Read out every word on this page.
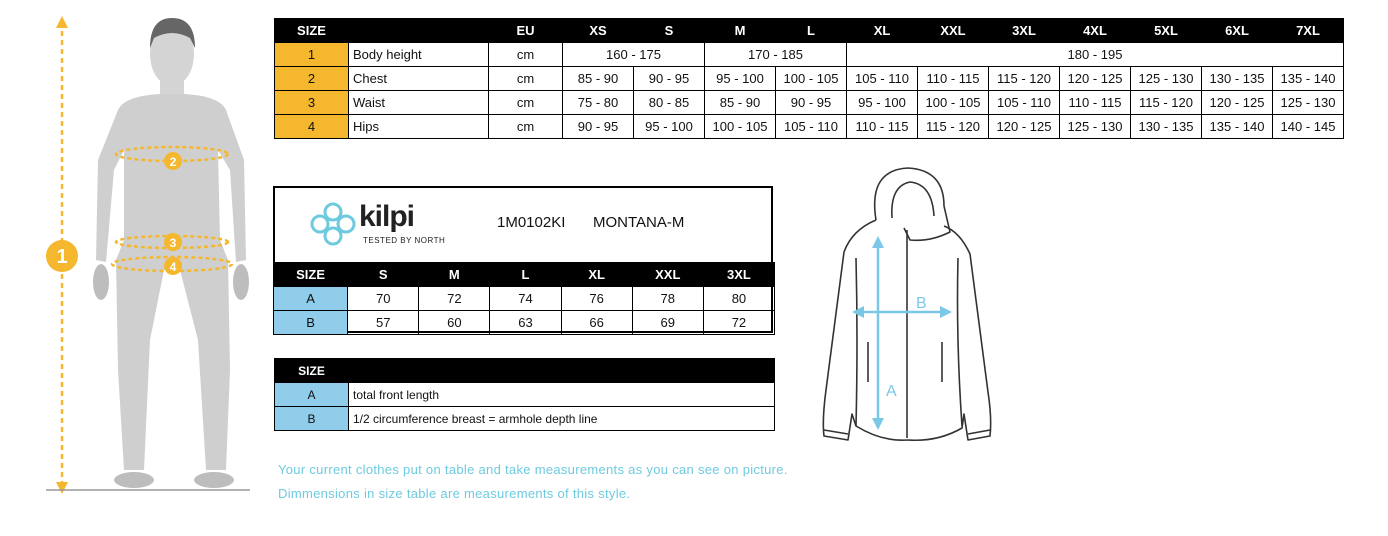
1
2
3
4
SIZE		EU	XS	S	M	L	XL	XXL	3XL	4XL	5XL	6XL	7XL
1	Body height	cm	160 - 175		170 - 185		180 - 195						
2	Chest	cm	85 - 90	90 - 95	95 - 100	100 - 105	105 - 110	110 - 115	115 - 120	120 - 125	125 - 130	130 - 135	135 - 140
3	Waist	cm	75 - 80	80 - 85	85 - 90	90 - 95	95 - 100	100 - 105	105 - 110	110 - 115	115 - 120	120 - 125	125 - 130
4	Hips	cm	90 - 95	95 - 100	100 - 105	105 - 110	110 - 115	115 - 120	120 - 125	125 - 130	130 - 135	135 - 140	140 - 145
kilpi
TESTED BY NORTH
1M0102KI MONTANA-M
SIZE	S	M	L	XL	XXL	3XL
A	70	72	74	76	78	80
B	57	60	63	66	69	72
SIZE	
A	total front length
B	1/2 circumference breast = armhole depth line
A
B
Your current clothes put on table and take measurements as you can see on picture.
Dimmensions in size table are measurements of this style.
